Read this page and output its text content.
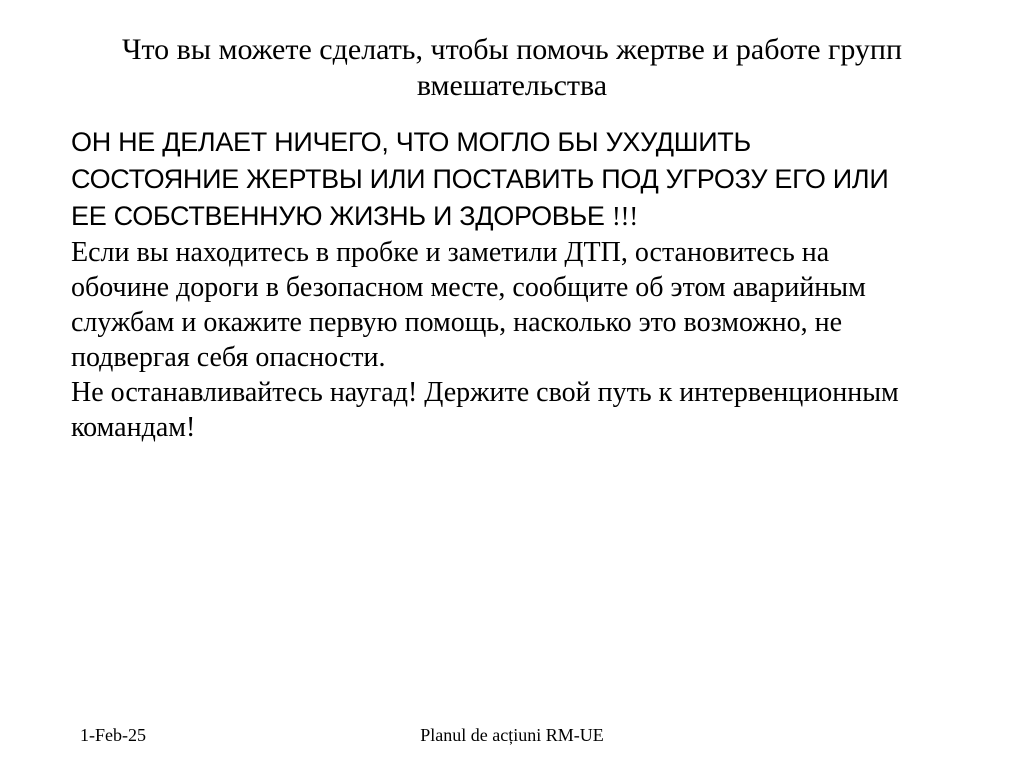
Что вы можете сделать, чтобы помочь жертве и работе групп
вмешательства
ОН НЕ ДЕЛАЕТ НИЧЕГО, ЧТО МОГЛО БЫ УХУДШИТЬ
СОСТОЯНИЕ ЖЕРТВЫ ИЛИ ПОСТАВИТЬ ПОД УГРОЗУ ЕГО ИЛИ
ЕЕ СОБСТВЕННУЮ ЖИЗНЬ И ЗДОРОВЬЕ !!!
Если вы находитесь в пробке и заметили ДТП, остановитесь на
обочине дороги в безопасном месте, сообщите об этом аварийным
службам и окажите первую помощь, насколько это возможно, не
подвергая себя опасности.
Не останавливайтесь наугад! Держите свой путь к интервенционным
командам!
1-Feb-25	Planul de acțiuni RM-UE
